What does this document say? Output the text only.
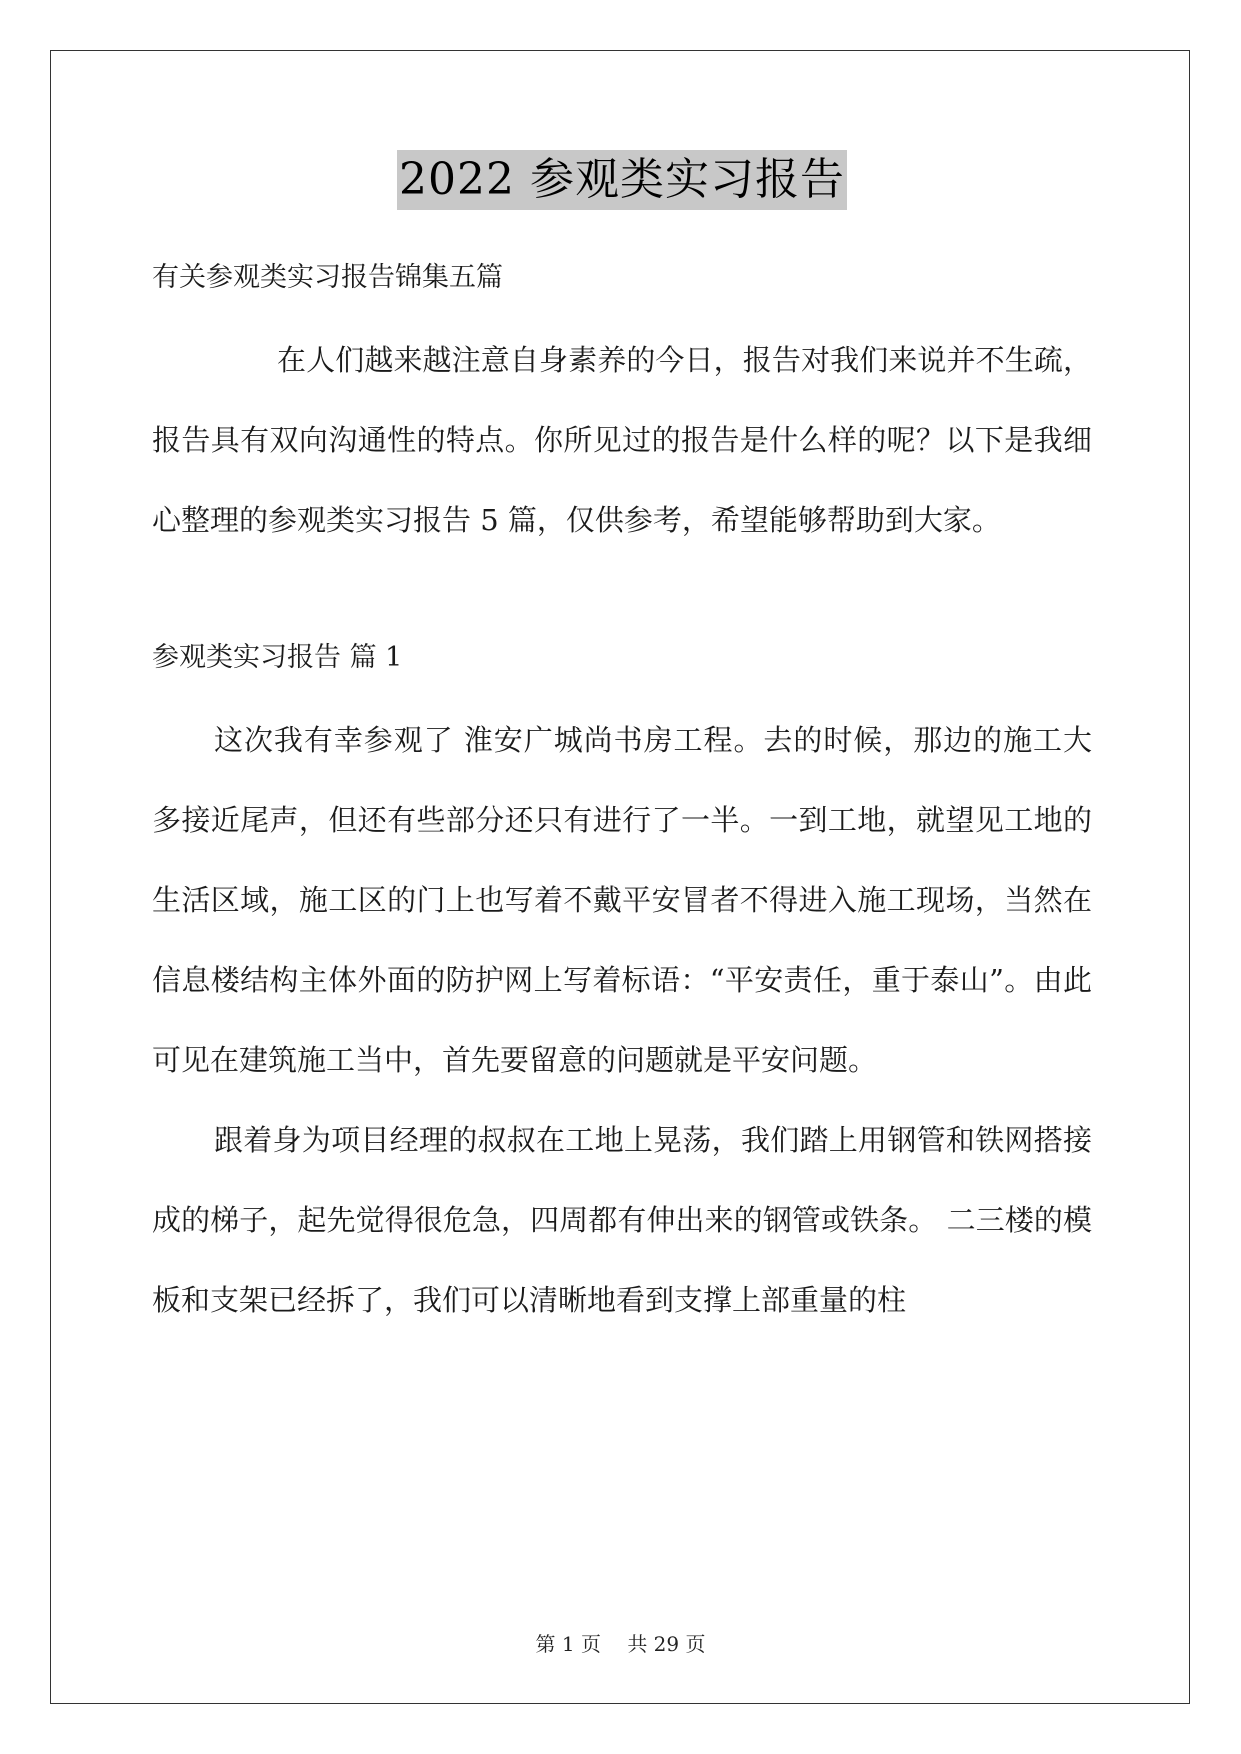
2022 参观类实习报告
有关参观类实习报告锦集五篇

在人们越来越注意自身素养的今日，报告对我们来说并不生疏，报告具有双向沟通性的特点。你所见过的报告是什么样的呢？以下是我细心整理的参观类实习报告 5 篇，仅供参考，希望能够帮助到大家。

参观类实习报告 篇 1

这次我有幸参观了 淮安广城尚书房工程。去的时候，那边的施工大多接近尾声，但还有些部分还只有进行了一半。一到工地，就望见工地的生活区域，施工区的门上也写着不戴平安冒者不得进入施工现场，当然在信息楼结构主体外面的防护网上写着标语：“平安责任，重于泰山”。由此可见在建筑施工当中，首先要留意的问题就是平安问题。

跟着身为项目经理的叔叔在工地上晃荡，我们踏上用钢管和铁网搭接成的梯子，起先觉得很危急，四周都有伸出来的钢管或铁条。 二三楼的模板和支架已经拆了，我们可以清晰地看到支撑上部重量的柱

第 1 页 共 29 页
